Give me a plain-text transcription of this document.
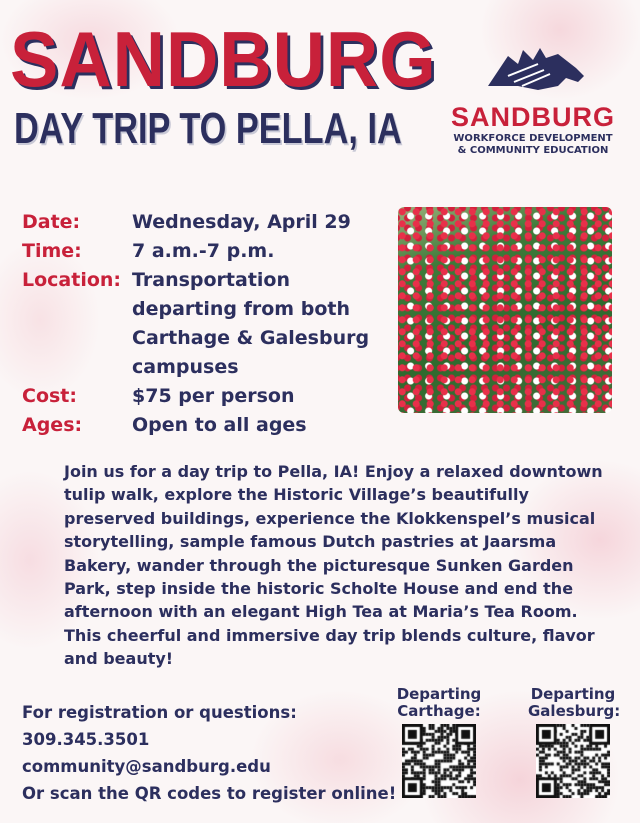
SANDBURG
DAY TRIP TO PELLA, IA SANDBURG
WORKFORCE DEVELOPMENT
& COMMUNITY EDUCATION
Date:	Wednesday, April 29
Time:	7 a.m.-7 p.m.
Location: Transportation departing from both Carthage & Galesburg campuses
Cost:	$75 per person
Ages:	Open to all ages
Join us for a day trip to Pella, IA! Enjoy a relaxed downtown tulip walk, explore the Historic Village’s beautifully preserved buildings, experience the Klokkenspel’s musical storytelling, sample famous Dutch pastries at Jaarsma Bakery, wander through the picturesque Sunken Garden Park, step inside the historic Scholte House and end the afternoon with an elegant High Tea at Maria’s Tea Room. This cheerful and immersive day trip blends culture, flavor and beauty!
For registration or questions:
309.345.3501
community@sandburg.edu
Or scan the QR codes to register online!
Departing
Carthage:
Departing
Galesburg:
